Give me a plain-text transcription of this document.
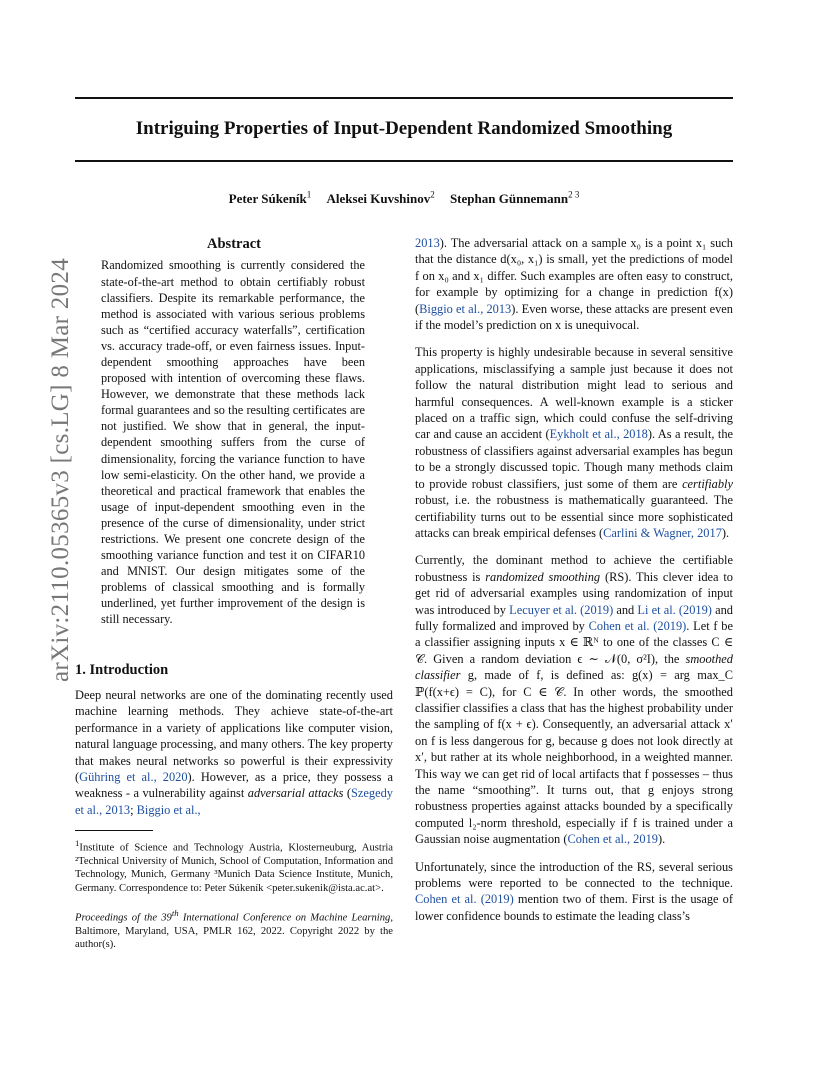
Intriguing Properties of Input-Dependent Randomized Smoothing
Peter Súkeník$^1$ Aleksei Kuvshinov$^2$ Stephan Günnemann$^{2 3}$
arXiv:2110.05365v3 [cs.LG] 8 Mar 2024
Abstract
Randomized smoothing is currently considered the state-of-the-art method to obtain certifiably robust classifiers. Despite its remarkable performance, the method is associated with various serious problems such as “certified accuracy waterfalls”, certification vs. accuracy trade-off, or even fairness issues. Input-dependent smoothing approaches have been proposed with intention of overcoming these flaws. However, we demonstrate that these methods lack formal guarantees and so the resulting certificates are not justified. We show that in general, the input-dependent smoothing suffers from the curse of dimensionality, forcing the variance function to have low semi-elasticity. On the other hand, we provide a theoretical and practical framework that enables the usage of input-dependent smoothing even in the presence of the curse of dimensionality, under strict restrictions. We present one concrete design of the smoothing variance function and test it on CIFAR10 and MNIST. Our design mitigates some of the problems of classical smoothing and is formally underlined, yet further improvement of the design is still necessary.
1. Introduction

Deep neural networks are one of the dominating recently used machine learning methods. They achieve state-of-the-art performance in a variety of applications like computer vision, natural language processing, and many others. The key property that makes neural networks so powerful is their expressivity (Gühring et al., 2020). However, as a price, they possess a weakness - a vulnerability against adversarial attacks (Szegedy et al., 2013; Biggio et al.,

$^1$Institute of Science and Technology Austria, Klosterneuburg, Austria ²Technical University of Munich, School of Computation, Information and Technology, Munich, Germany ³Munich Data Science Institute, Munich, Germany. Correspondence to: Peter Súkeník <peter.sukenik@ista.ac.at>.
Proceedings of the 39th International Conference on Machine Learning, Baltimore, Maryland, USA, PMLR 162, 2022. Copyright 2022 by the author(s).

2013). The adversarial attack on a sample x₀ is a point x₁ such that the distance d(x₀, x₁) is small, yet the predictions of model f on x₀ and x₁ differ. Such examples are often easy to construct, for example by optimizing for a change in prediction f(x) (Biggio et al., 2013). Even worse, these attacks are present even if the model’s prediction on x is unequivocal.

This property is highly undesirable because in several sensitive applications, misclassifying a sample just because it does not follow the natural distribution might lead to serious and harmful consequences. A well-known example is a sticker placed on a traffic sign, which could confuse the self-driving car and cause an accident (Eykholt et al., 2018). As a result, the robustness of classifiers against adversarial examples has begun to be a strongly discussed topic. Though many methods claim to provide robust classifiers, just some of them are certifiably robust, i.e. the robustness is mathematically guaranteed. The certifiability turns out to be essential since more sophisticated attacks can break empirical defenses (Carlini & Wagner, 2017).

Currently, the dominant method to achieve the certifiable robustness is randomized smoothing (RS). This clever idea to get rid of adversarial examples using randomization of input was introduced by Lecuyer et al. (2019) and Li et al. (2019) and fully formalized and improved by Cohen et al. (2019). Let f be a classifier assigning inputs x ∈ ℝᴺ to one of the classes C ∈ 𝒞. Given a random deviation ϵ ∼ 𝒩(0, σ²I), the smoothed classifier g, made of f, is defined as: g(x) = arg max_C ℙ(f(x+ϵ) = C), for C ∈ 𝒞. In other words, the smoothed classifier classifies a class that has the highest probability under the sampling of f(x + ϵ). Consequently, an adversarial attack x′ on f is less dangerous for g, because g does not look directly at x′, but rather at its whole neighborhood, in a weighted manner. This way we can get rid of local artifacts that f possesses – thus the name “smoothing”. It turns out, that g enjoys strong robustness properties against attacks bounded by a specifically computed l₂-norm threshold, especially if f is trained under a Gaussian noise augmentation (Cohen et al., 2019).

Unfortunately, since the introduction of the RS, several serious problems were reported to be connected to the technique. Cohen et al. (2019) mention two of them. First is the usage of lower confidence bounds to estimate the leading class’s
